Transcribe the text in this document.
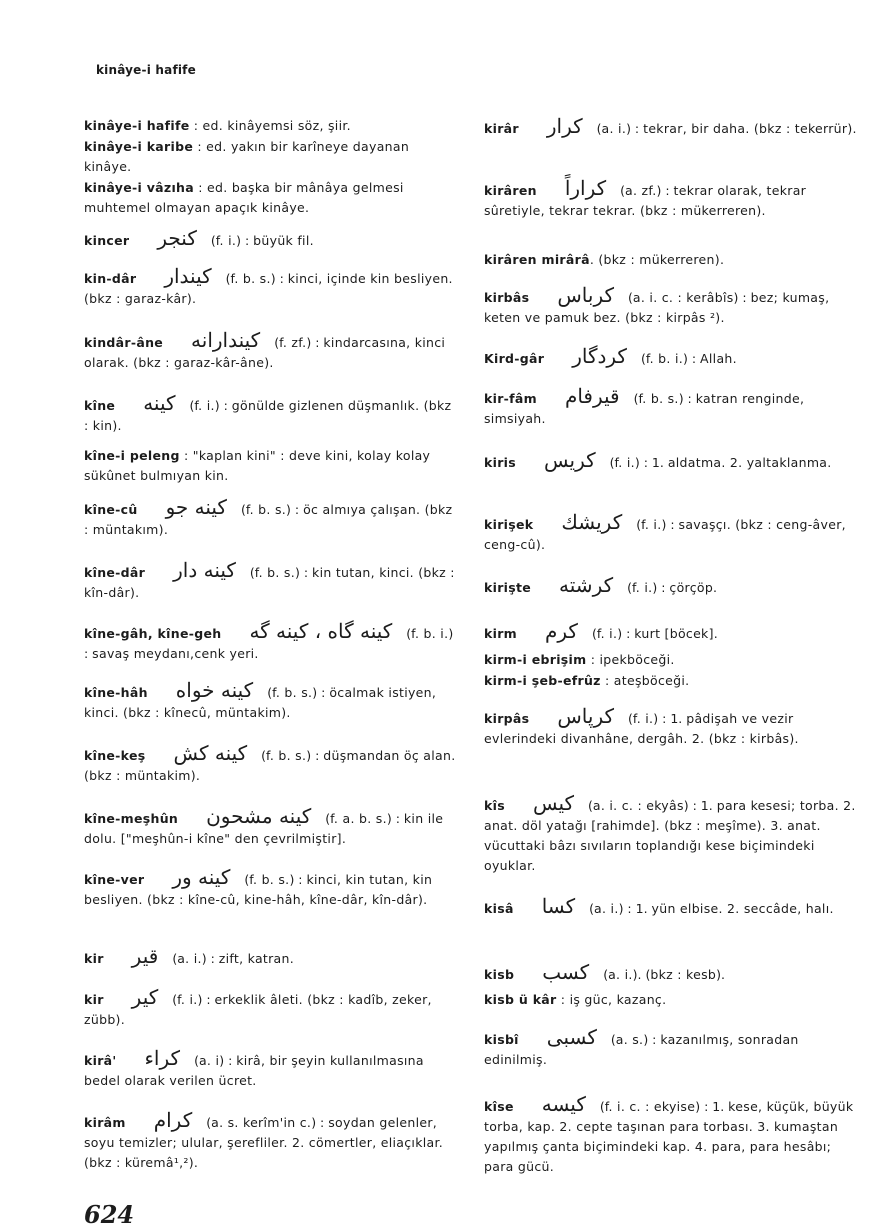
kinâye-i hafife
kinâye-i hafife : ed. kinâyemsi söz, şiir.
kinâye-i karibe : ed. yakın bir karîneye dayanan kinâye.
kinâye-i vâzıha : ed. başka bir mânâya gelmesi muhtemel olmayan apaçık kinâye.
kincer كنجر (f. i.) : büyük fil.
kin-dâr كيندار (f. b. s.) : kinci, içinde kin besliyen. (bkz : garaz-kâr).
kindâr-âne كيندارانه (f. zf.) : kindarcasına, kinci olarak. (bkz : garaz-kâr-âne).
kîne كينه (f. i.) : gönülde gizlenen düşmanlık. (bkz : kin).
kîne-i peleng : "kaplan kini" : deve kini, kolay kolay sükûnet bulmıyan kin.
kîne-cû كينه جو (f. b. s.) : öc almıya çalışan. (bkz : müntakım).
kîne-dâr كينه دار (f. b. s.) : kin tutan, kinci. (bkz : kîn-dâr).
kîne-gâh, kîne-geh كينه گاه ، كينه گه (f. b. i.) : savaş meydanı,cenk yeri.
kîne-hâh كينه خواه (f. b. s.) : öcalmak istiyen, kinci. (bkz : kînecû, müntakim).
kîne-keş كينه كش (f. b. s.) : düşmandan öç alan. (bkz : müntakim).
kîne-meşhûn كينه مشحون (f. a. b. s.) : kin ile dolu. ["meşhûn-i kîne" den çevrilmiştir].
kîne-ver كينه ور (f. b. s.) : kinci, kin tutan, kin besliyen. (bkz : kîne-cû, kine-hâh, kîne-dâr, kîn-dâr).
kir قير (a. i.) : zift, katran.
kir كير (f. i.) : erkeklik âleti. (bkz : kadîb, zeker, zübb).
kirâ' كراء (a. i) : kirâ, bir şeyin kullanılmasına bedel olarak verilen ücret.
kirâm كرام (a. s. kerîm'in c.) : soydan gelenler, soyu temizler; ulular, şerefliler. 2. cömertler, eliaçıklar. (bkz : küremâ¹,²).
kirâr كرار (a. i.) : tekrar, bir daha. (bkz : tekerrür).
kirâren كراراً (a. zf.) : tekrar olarak, tekrar sûretiyle, tekrar tekrar. (bkz : mükerreren).
kirâren mirârâ. (bkz : mükerreren).
kirbâs كرباس (a. i. c. : kerâbîs) : bez; kumaş, keten ve pamuk bez. (bkz : kirpâs ²).
Kird-gâr كردگار (f. b. i.) : Allah.
kir-fâm قيرفام (f. b. s.) : katran renginde, simsiyah.
kiris كريس (f. i.) : 1. aldatma. 2. yaltaklanma.
kirişek كريشك (f. i.) : savaşçı. (bkz : ceng-âver, ceng-cû).
kirişte كرشته (f. i.) : çörçöp.
kirm كرم (f. i.) : kurt [böcek].
kirm-i ebrişim : ipekböceği.
kirm-i şeb-efrûz : ateşböceği.
kirpâs كرپاس (f. i.) : 1. pâdişah ve vezir evlerindeki divanhâne, dergâh. 2. (bkz : kirbâs).
kîs كيس (a. i. c. : ekyâs) : 1. para kesesi; torba. 2. anat. döl yatağı [rahimde]. (bkz : meşîme). 3. anat. vücuttaki bâzı sıvıların toplandığı kese biçimindeki oyuklar.
kisâ كسا (a. i.) : 1. yün elbise. 2. seccâde, halı.
kisb كسب (a. i.). (bkz : kesb).
kisb ü kâr : iş güc, kazanç.
kisbî كسبى (a. s.) : kazanılmış, sonradan edinilmiş.
kîse كيسه (f. i. c. : ekyise) : 1. kese, küçük, büyük torba, kap. 2. cepte taşınan para torbası. 3. kumaştan yapılmış çanta biçimindeki kap. 4. para, para hesâbı; para gücü.
624
